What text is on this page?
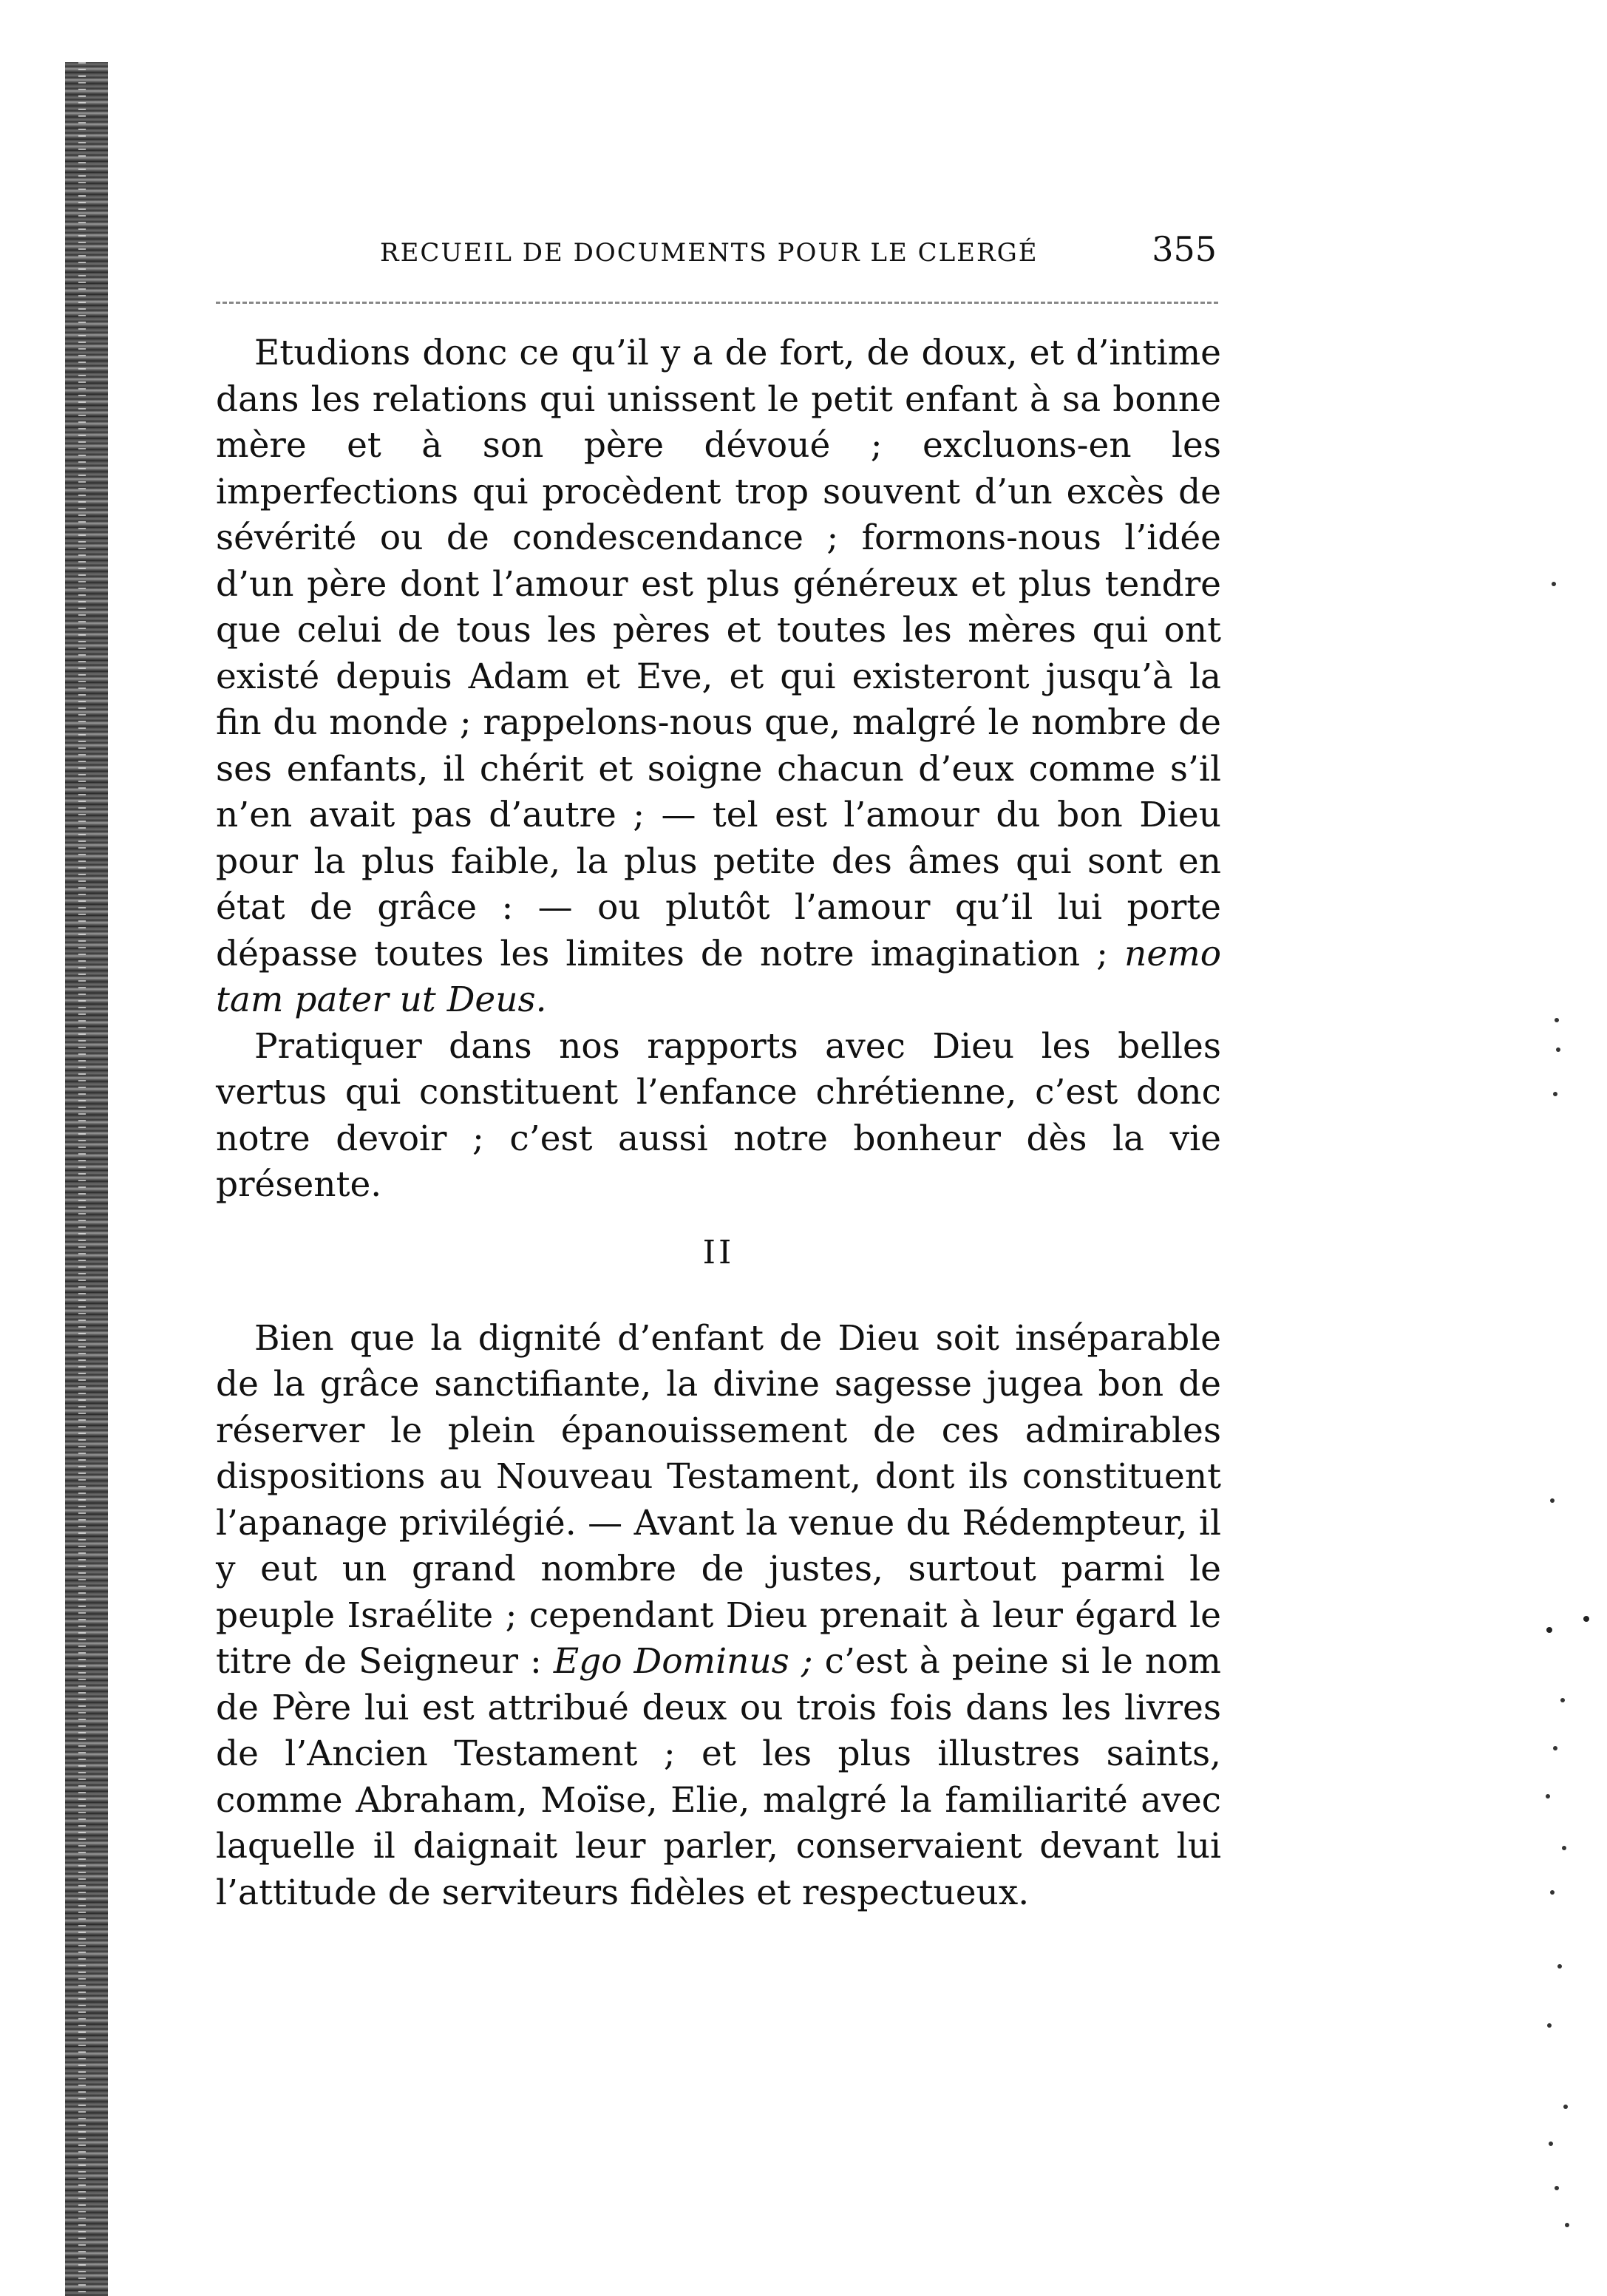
RECUEIL DE DOCUMENTS POUR LE CLERGÉ	355

Etudions donc ce qu’il y a de fort, de doux, et d’intime dans les relations qui unissent le petit enfant à sa bonne mère et à son père dévoué ; excluons-en les imperfections qui procèdent trop souvent d’un excès de sévérité ou de condescendance ; formons-nous l’idée d’un père dont l’amour est plus généreux et plus tendre que celui de tous les pères et toutes les mères qui ont existé depuis Adam et Eve, et qui existeront jusqu’à la fin du monde ; rappelons-nous que, malgré le nombre de ses enfants, il chérit et soigne chacun d’eux comme s’il n’en avait pas d’autre ; — tel est l’amour du bon Dieu pour la plus faible, la plus petite des âmes qui sont en état de grâce : — ou plutôt l’amour qu’il lui porte dépasse toutes les limites de notre imagination ; nemo tam pater ut Deus.

Pratiquer dans nos rapports avec Dieu les belles vertus qui constituent l’enfance chrétienne, c’est donc notre devoir ; c’est aussi notre bonheur dès la vie présente.

II

Bien que la dignité d’enfant de Dieu soit inséparable de la grâce sanctifiante, la divine sagesse jugea bon de réserver le plein épanouissement de ces admirables dispositions au Nouveau Testament, dont ils constituent l’apanage privilégié. — Avant la venue du Rédempteur, il y eut un grand nombre de justes, surtout parmi le peuple Israélite ; cependant Dieu prenait à leur égard le titre de Seigneur : Ego Dominus ; c’est à peine si le nom de Père lui est attribué deux ou trois fois dans les livres de l’Ancien Testament ; et les plus illustres saints, comme Abraham, Moïse, Elie, malgré la familiarité avec laquelle il daignait leur parler, conservaient devant lui l’attitude de serviteurs fidèles et respectueux.
